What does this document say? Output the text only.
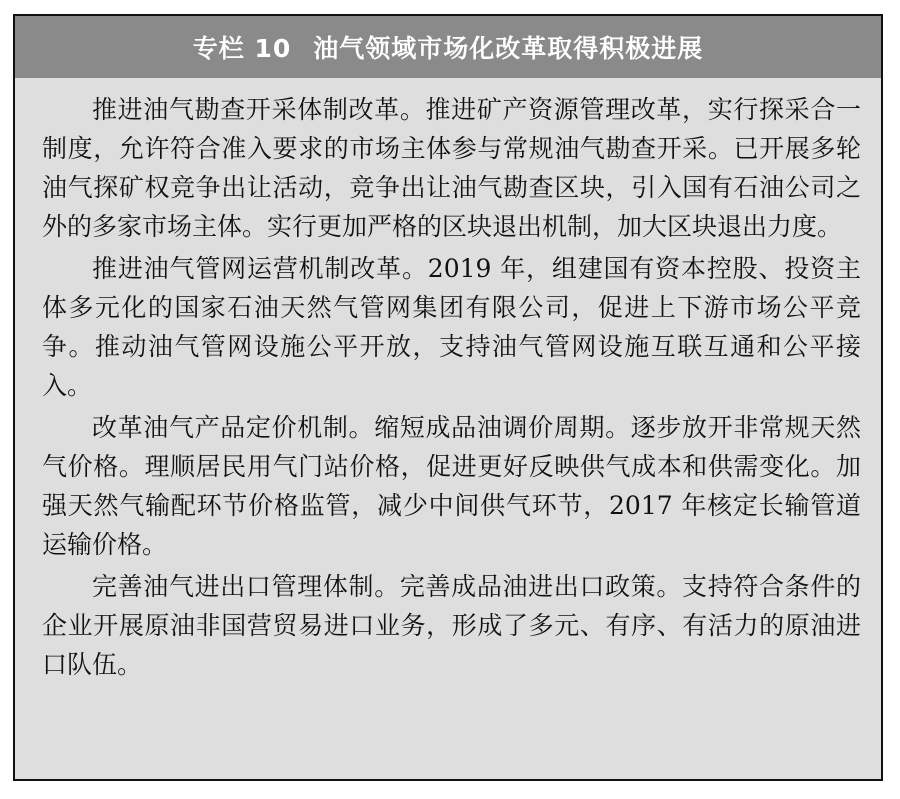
专栏 10 油气领域市场化改革取得积极进展

推进油气勘查开采体制改革。推进矿产资源管理改革，实行探采合一制度，允许符合准入要求的市场主体参与常规油气勘查开采。已开展多轮油气探矿权竞争出让活动，竞争出让油气勘查区块，引入国有石油公司之外的多家市场主体。实行更加严格的区块退出机制，加大区块退出力度。

推进油气管网运营机制改革。2019 年，组建国有资本控股、投资主体多元化的国家石油天然气管网集团有限公司，促进上下游市场公平竞争。推动油气管网设施公平开放，支持油气管网设施互联互通和公平接入。

改革油气产品定价机制。缩短成品油调价周期。逐步放开非常规天然气价格。理顺居民用气门站价格，促进更好反映供气成本和供需变化。加强天然气输配环节价格监管，减少中间供气环节，2017 年核定长输管道运输价格。

完善油气进出口管理体制。完善成品油进出口政策。支持符合条件的企业开展原油非国营贸易进口业务，形成了多元、有序、有活力的原油进口队伍。
